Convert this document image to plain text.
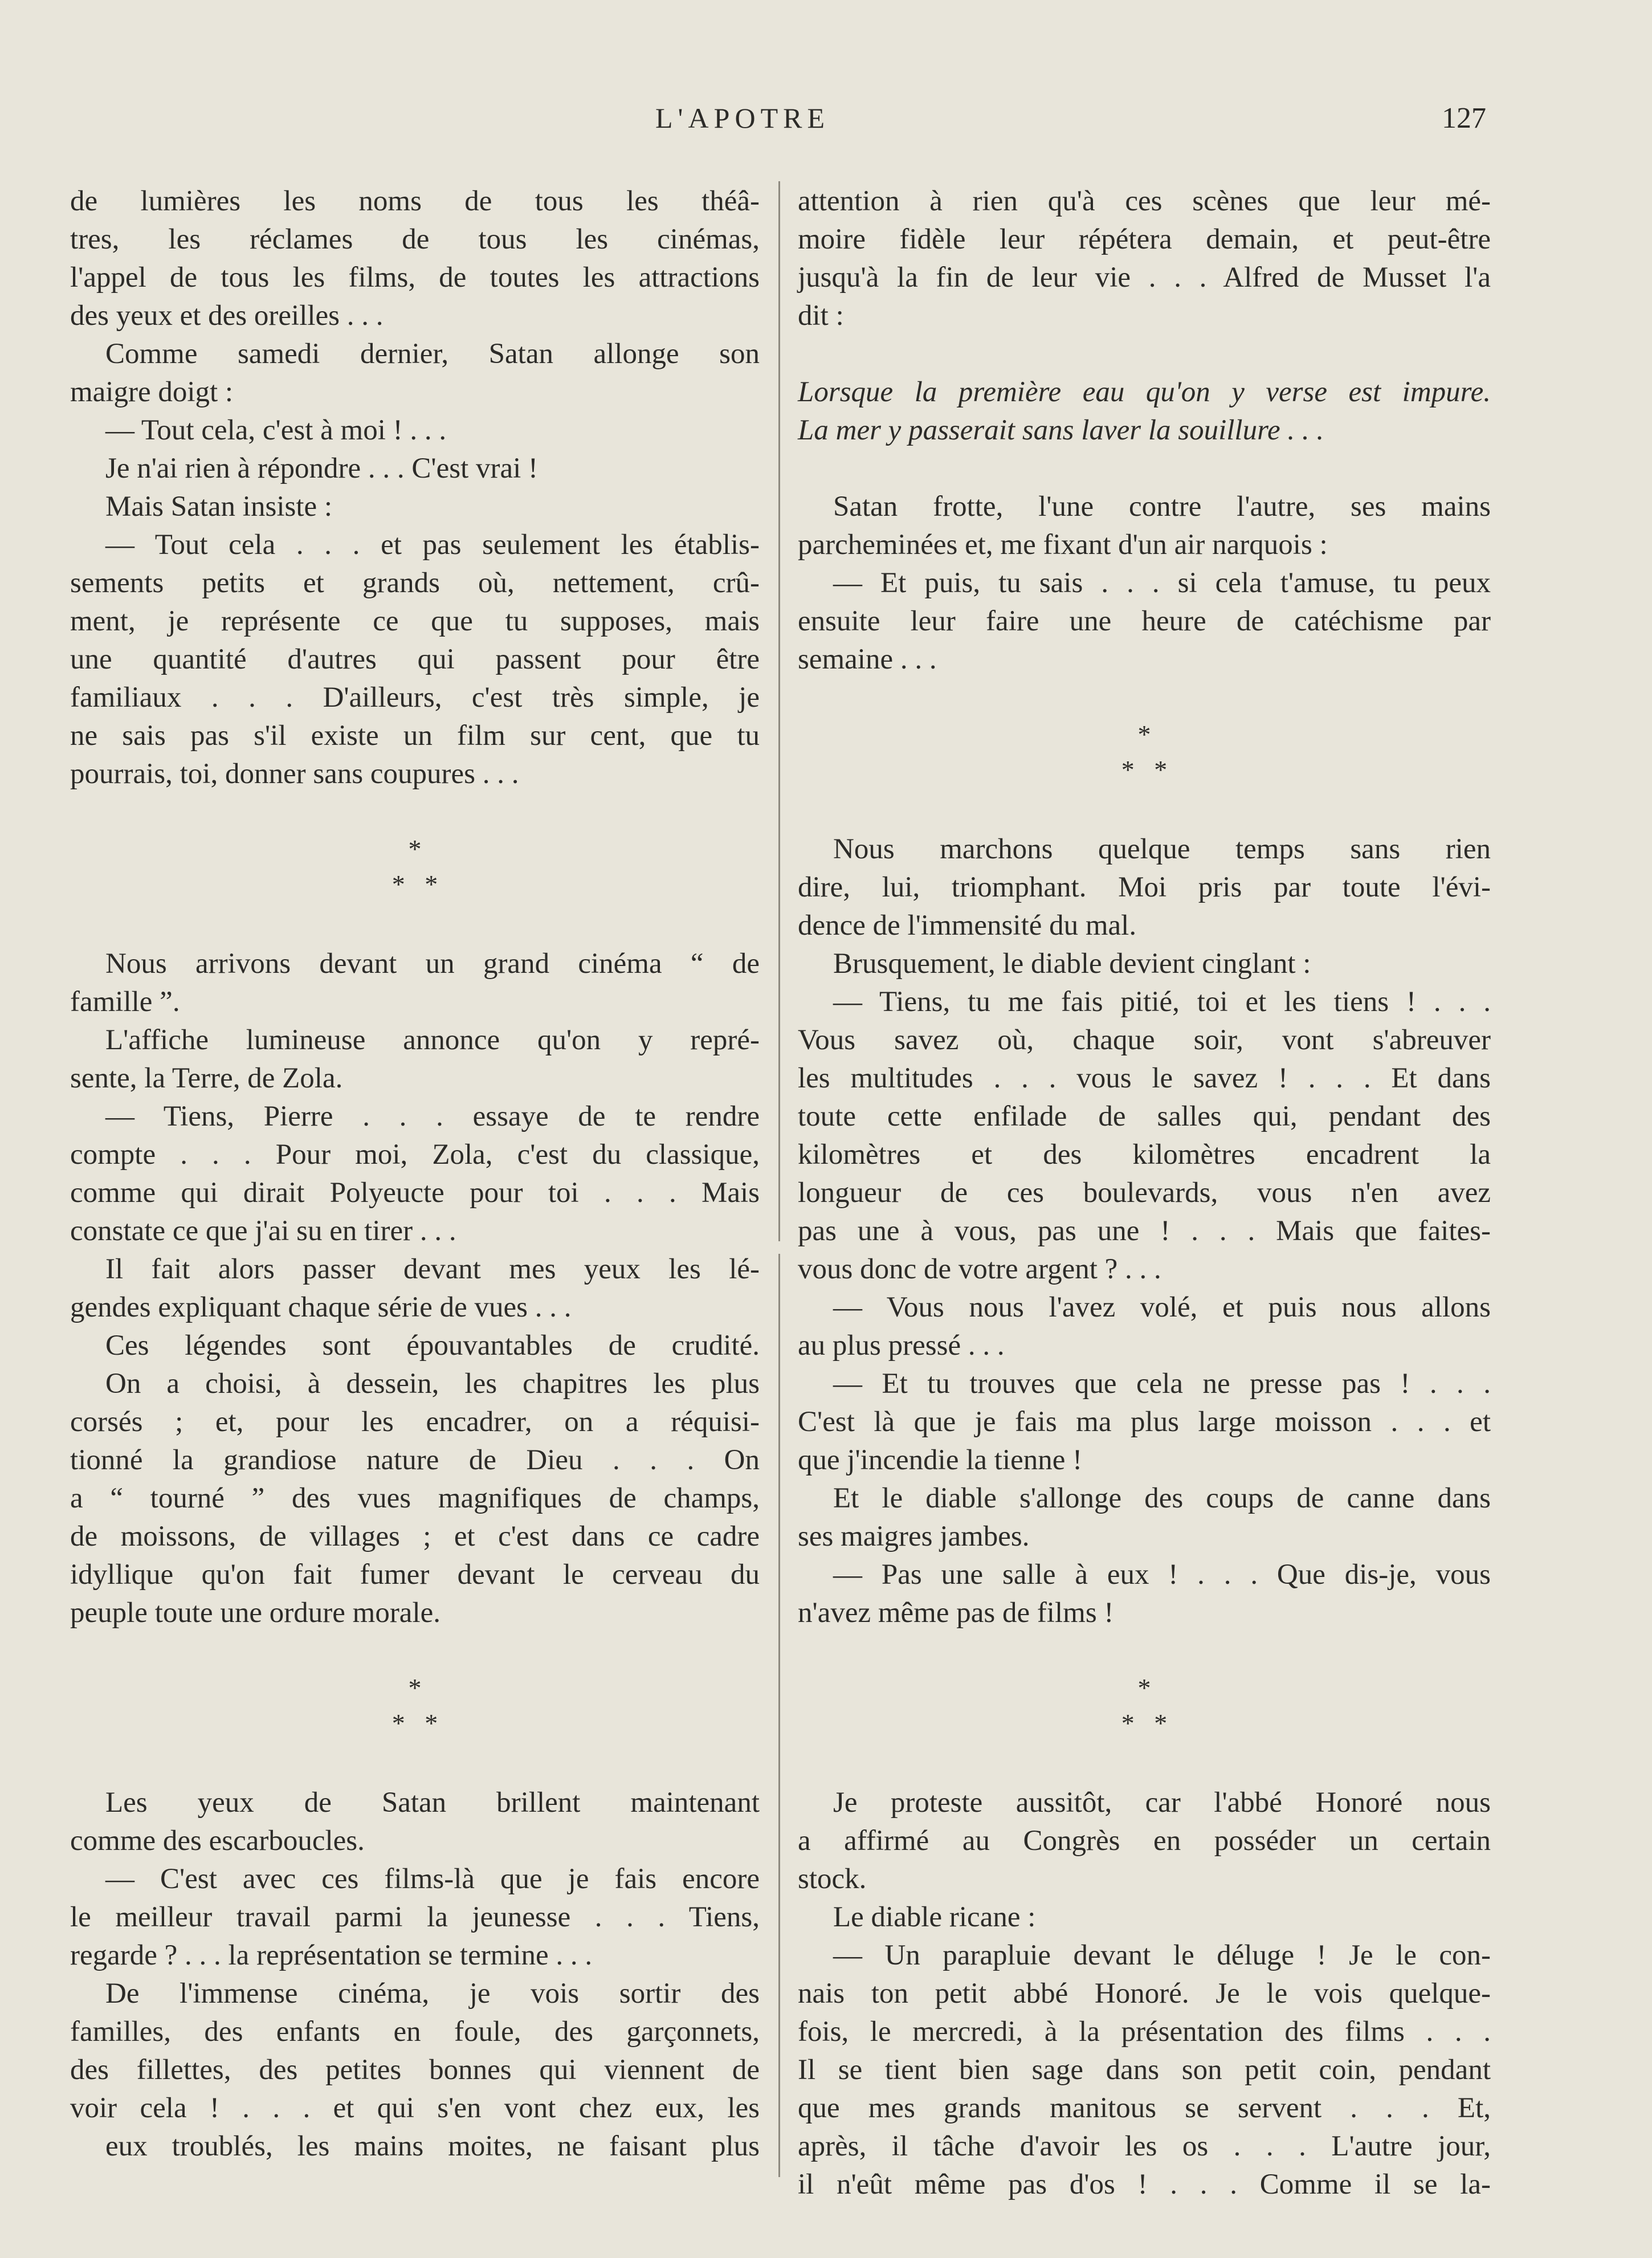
L'APOTRE	127
de lumières les noms de tous les théâ-
tres, les réclames de tous les cinémas,
l'appel de tous les films, de toutes les attractions
des yeux et des oreilles . . .
Comme samedi dernier, Satan allonge son
maigre doigt :
— Tout cela, c'est à moi ! . . .
Je n'ai rien à répondre . . . C'est vrai !
Mais Satan insiste :
— Tout cela . . . et pas seulement les établis-
sements petits et grands où, nettement, crû-
ment, je représente ce que tu supposes, mais
une quantité d'autres qui passent pour être
familiaux . . . D'ailleurs, c'est très simple, je
ne sais pas s'il existe un film sur cent, que tu
pourrais, toi, donner sans coupures . . .
*
*   *
Nous arrivons devant un grand cinéma “ de
famille ”.
L'affiche lumineuse annonce qu'on y repré-
sente, la Terre, de Zola.
— Tiens, Pierre . . . essaye de te rendre
compte . . . Pour moi, Zola, c'est du classique,
comme qui dirait Polyeucte pour toi . . . Mais
constate ce que j'ai su en tirer . . .
Il fait alors passer devant mes yeux les lé-
gendes expliquant chaque série de vues . . .
Ces légendes sont épouvantables de crudité.
On a choisi, à dessein, les chapitres les plus
corsés ; et, pour les encadrer, on a réquisi-
tionné la grandiose nature de Dieu . . . On
a “ tourné ” des vues magnifiques de champs,
de moissons, de villages ; et c'est dans ce cadre
idyllique qu'on fait fumer devant le cerveau du
peuple toute une ordure morale.
*
*   *
Les yeux de Satan brillent maintenant
comme des escarboucles.
— C'est avec ces films-là que je fais encore
le meilleur travail parmi la jeunesse . . . Tiens,
regarde ? . . . la représentation se termine . . .
De l'immense cinéma, je vois sortir des
familles, des enfants en foule, des garçonnets,
des fillettes, des petites bonnes qui viennent de
voir cela ! . . . et qui s'en vont chez eux, les
eux troublés, les mains moites, ne faisant plus
attention à rien qu'à ces scènes que leur mé-
moire fidèle leur répétera demain, et peut-être
jusqu'à la fin de leur vie . . . Alfred de Musset l'a
dit :
Lorsque la première eau qu'on y verse est impure.
La mer y passerait sans laver la souillure . . .
Satan frotte, l'une contre l'autre, ses mains
parcheminées et, me fixant d'un air narquois :
— Et puis, tu sais . . . si cela t'amuse, tu peux
ensuite leur faire une heure de catéchisme par
semaine . . .
*
*   *
Nous marchons quelque temps sans rien
dire, lui, triomphant. Moi pris par toute l'évi-
dence de l'immensité du mal.
Brusquement, le diable devient cinglant :
— Tiens, tu me fais pitié, toi et les tiens ! . . .
Vous savez où, chaque soir, vont s'abreuver
les multitudes . . . vous le savez ! . . . Et dans
toute cette enfilade de salles qui, pendant des
kilomètres et des kilomètres encadrent la
longueur de ces boulevards, vous n'en avez
pas une à vous, pas une ! . . . Mais que faites-
vous donc de votre argent ? . . .
— Vous nous l'avez volé, et puis nous allons
au plus pressé . . .
— Et tu trouves que cela ne presse pas ! . . .
C'est là que je fais ma plus large moisson . . . et
que j'incendie la tienne !
Et le diable s'allonge des coups de canne dans
ses maigres jambes.
— Pas une salle à eux ! . . . Que dis-je, vous
n'avez même pas de films !
*
*   *
Je proteste aussitôt, car l'abbé Honoré nous
a affirmé au Congrès en posséder un certain
stock.
Le diable ricane :
— Un parapluie devant le déluge ! Je le con-
nais ton petit abbé Honoré. Je le vois quelque-
fois, le mercredi, à la présentation des films . . .
Il se tient bien sage dans son petit coin, pendant
que mes grands manitous se servent . . . Et,
après, il tâche d'avoir les os . . . L'autre jour,
il n'eût même pas d'os ! . . . Comme il se la-
